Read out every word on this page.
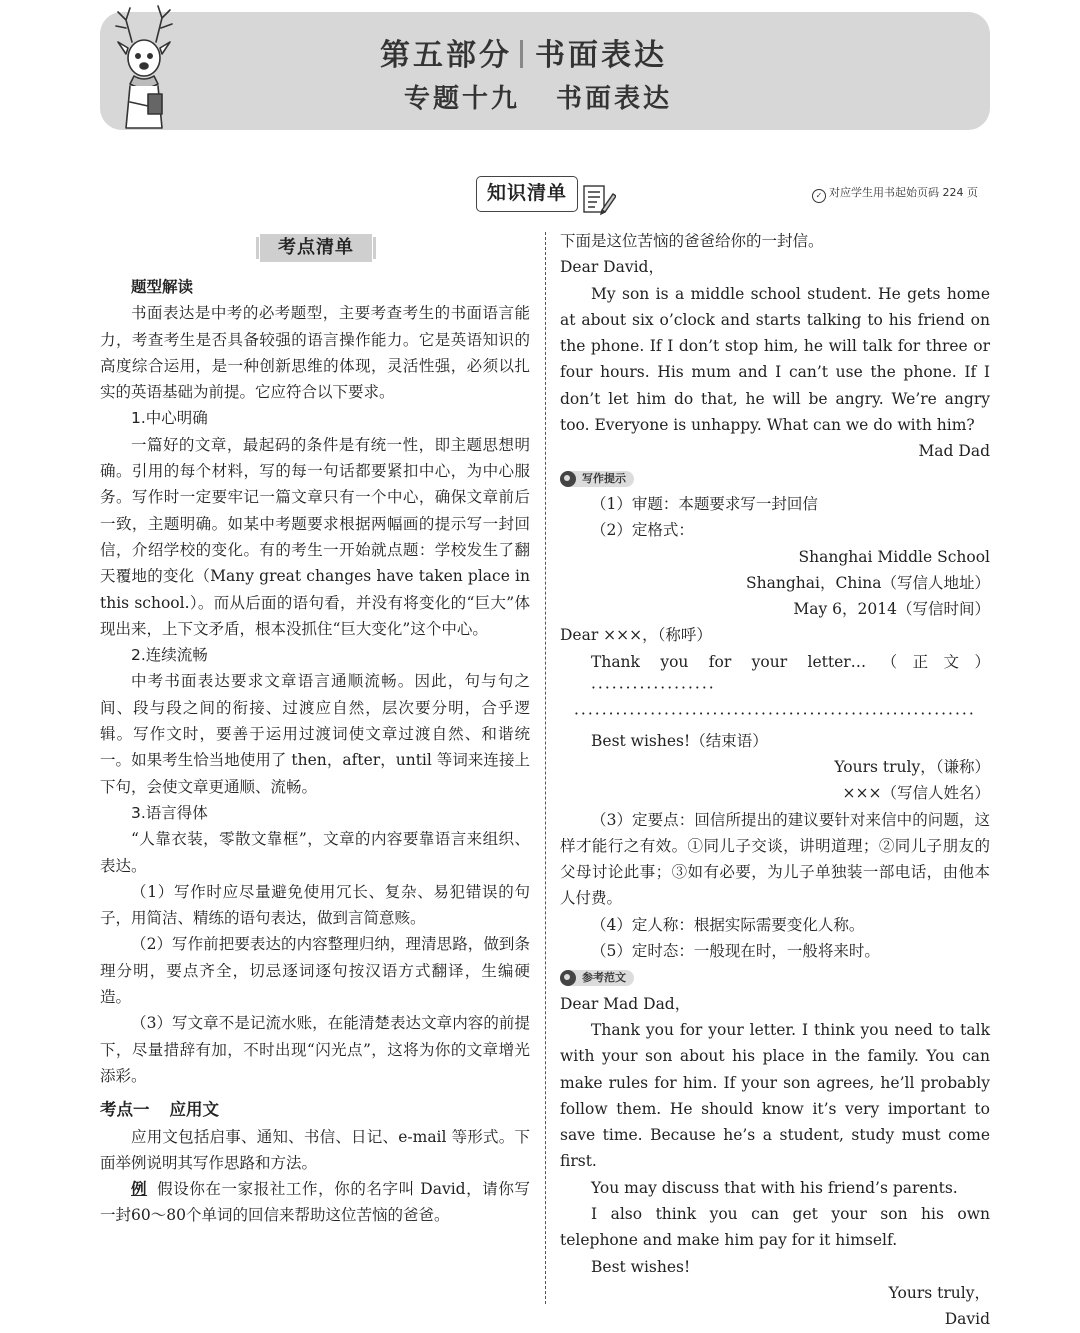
第五部分 书面表达
专题十九 书面表达
知识清单	✓ 对应学生用书起始页码 224 页
考点清单

题型解读

书面表达是中考的必考题型，主要考查考生的书面语言能力，考查考生是否具备较强的语言操作能力。它是英语知识的高度综合运用，是一种创新思维的体现，灵活性强，必须以扎实的英语基础为前提。它应符合以下要求。

1.中心明确

一篇好的文章，最起码的条件是有统一性，即主题思想明确。引用的每个材料，写的每一句话都要紧扣中心，为中心服务。写作时一定要牢记一篇文章只有一个中心，确保文章前后一致，主题明确。如某中考题要求根据两幅画的提示写一封回信，介绍学校的变化。有的考生一开始就点题：学校发生了翻天覆地的变化（Many great changes have taken place in this school.）。而从后面的语句看，并没有将变化的“巨大”体现出来，上下文矛盾，根本没抓住“巨大变化”这个中心。

2.连续流畅

中考书面表达要求文章语言通顺流畅。因此，句与句之间、段与段之间的衔接、过渡应自然，层次要分明，合乎逻辑。写作文时，要善于运用过渡词使文章过渡自然、和谐统一。如果考生恰当地使用了 then，after，until 等词来连接上下句，会使文章更通顺、流畅。

3.语言得体

“人靠衣装，零散文靠框”，文章的内容要靠语言来组织、表达。

（1）写作时应尽量避免使用冗长、复杂、易犯错误的句子，用简洁、精练的语句表达，做到言简意赅。

（2）写作前把要表达的内容整理归纳，理清思路，做到条理分明，要点齐全，切忌逐词逐句按汉语方式翻译，生编硬造。

（3）写文章不是记流水账，在能清楚表达文章内容的前提下，尽量措辞有加，不时出现“闪光点”，这将为你的文章增光添彩。

考点一 应用文

应用文包括启事、通知、书信、日记、e-mail 等形式。下面举例说明其写作思路和方法。

例 假设你在一家报社工作，你的名字叫 David，请你写一封60～80个单词的回信来帮助这位苦恼的爸爸。

下面是这位苦恼的爸爸给你的一封信。

Dear David，

My son is a middle school student. He gets home at about six o’clock and starts talking to his friend on the phone. If I don’t stop him, he will talk for three or four hours. His mum and I can’t use the phone. If I don’t let him do that, he will be angry. We’re angry too. Everyone is unhappy. What can we do with him?

Mad Dad

写作提示

（1）审题：本题要求写一封回信

（2）定格式：

Shanghai Middle School

Shanghai，China（写信人地址）

May 6，2014（写信时间）

Dear ×××，（称呼）

Thank you for your letter…（正文） ··················

··························································

Best wishes!（结束语）

Yours truly，（谦称）

×××（写信人姓名）

（3）定要点：回信所提出的建议要针对来信中的问题，这样才能行之有效。①同儿子交谈，讲明道理；②同儿子朋友的父母讨论此事；③如有必要，为儿子单独装一部电话，由他本人付费。

（4）定人称：根据实际需要变化人称。

（5）定时态：一般现在时，一般将来时。

参考范文

Dear Mad Dad，

Thank you for your letter. I think you need to talk with your son about his place in the family. You can make rules for him. If your son agrees, he’ll probably follow them. He should know it’s very important to save time. Because he’s a student, study must come first.

You may discuss that with his friend’s parents.

I also think you can get your son his own telephone and make him pay for it himself.

Best wishes!

Yours truly，

David
